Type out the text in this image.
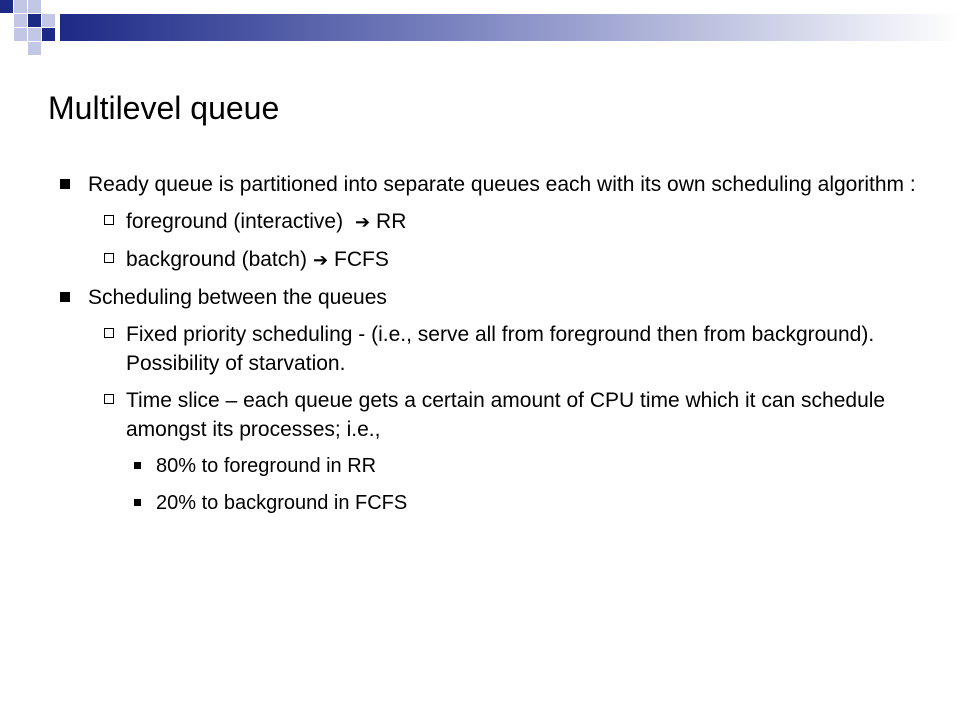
Multilevel queue
Ready queue is partitioned into separate queues each with its own scheduling algorithm :
foreground (interactive) ➔ RR
background (batch) ➔ FCFS
Scheduling between the queues
Fixed priority scheduling - (i.e., serve all from foreground then from background). Possibility of starvation.
Time slice – each queue gets a certain amount of CPU time which it can schedule amongst its processes; i.e.,
80% to foreground in RR
20% to background in FCFS
